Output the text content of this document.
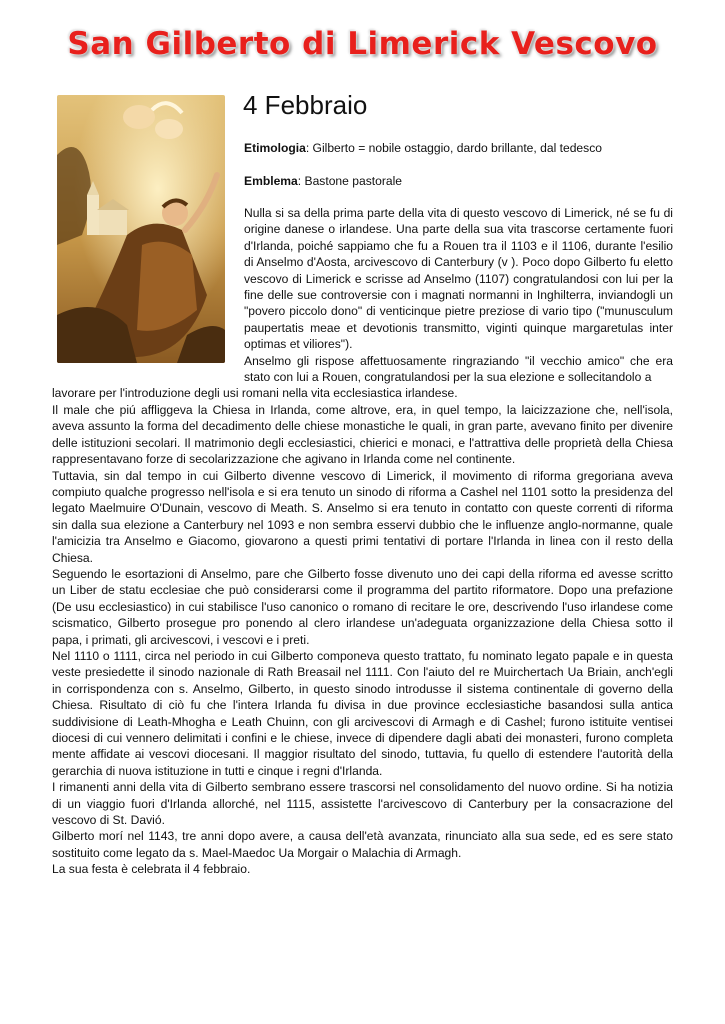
San Gilberto di Limerick Vescovo
4 Febbraio

Etimologia: Gilberto = nobile ostaggio, dardo brillante, dal tedesco

Emblema: Bastone pastorale

Nulla si sa della prima parte della vita di questo vescovo di Limerick, né se fu di origine danese o irlandese. Una parte della sua vita trascorse certamente fuori d'Irlanda, poiché sappiamo che fu a Rouen tra il 1103 e il 1106, durante l'esilio di Anselmo d'Aosta, arcivescovo di Canterbury (v ). Poco dopo Gilberto fu eletto vescovo di Limerick e scrisse ad Anselmo (1107) congratulandosi con lui per la fine delle sue controversie con i magnati normanni in Inghilterra, inviandogli un "povero piccolo dono" di venticinque pietre preziose di vario tipo ("munusculum paupertatis meae et devotionis transmitto, viginti quinque margaretulas inter optimas et viliores").

Anselmo gli rispose affettuosamente ringraziando "il vecchio amico" che era stato con lui a Rouen, congratulandosi per la sua elezione e sollecitandolo a

lavorare per l'introduzione degli usi romani nella vita ecclesiastica irlandese.

Il male che piú affliggeva la Chiesa in Irlanda, come altrove, era, in quel tempo, la laicizzazione che, nell'isola, aveva assunto la forma del decadimento delle chiese monastiche le quali, in gran parte, avevano finito per divenire delle istituzioni secolari. Il matrimonio degli ecclesiastici, chierici e monaci, e l'attrattiva delle proprietà della Chiesa rappresentavano forze di secolarizzazione che agivano in Irlanda come nel continente.

Tuttavia, sin dal tempo in cui Gilberto divenne vescovo di Limerick, il movimento di riforma gregoriana aveva compiuto qualche progresso nell'isola e si era tenuto un sinodo di riforma a Cashel nel 1101 sotto la presidenza del legato Maelmuire O'Dunain, vescovo di Meath. S. Anselmo si era tenuto in contatto con queste correnti di riforma sin dalla sua elezione a Canterbury nel 1093 e non sembra esservi dubbio che le influenze anglo-normanne, quale l'amicizia tra Anselmo e Giacomo, giovarono a questi primi tentativi di portare l'Irlanda in linea con il resto della Chiesa.

Seguendo le esortazioni di Anselmo, pare che Gilberto fosse divenuto uno dei capi della riforma ed avesse scritto un Liber de statu ecclesiae che può considerarsi come il programma del partito riformatore. Dopo una prefazione (De usu ecclesiastico) in cui stabilisce l'uso canonico o romano di recitare le ore, descrivendo l'uso irlandese come scismatico, Gilberto prosegue pro ponendo al clero irlandese un'adeguata organizzazione della Chiesa sotto il papa, i primati, gli arcivescovi, i vescovi e i preti.

Nel 1110 o 1111, circa nel periodo in cui Gilberto componeva questo trattato, fu nominato legato papale e in questa veste presiedette il sinodo nazionale di Rath Breasail nel 1111. Con l'aiuto del re Muirchertach Ua Briain, anch'egli in corrispondenza con s. Anselmo, Gilberto, in questo sinodo introdusse il sistema continentale di governo della Chiesa. Risultato di ciò fu che l'intera Irlanda fu divisa in due province ecclesiastiche basandosi sulla antica suddivisione di Leath-Mhogha e Leath Chuinn, con gli arcivescovi di Armagh e di Cashel; furono istituite ventisei diocesi di cui vennero delimitati i confini e le chiese, invece di dipendere dagli abati dei monasteri, furono completa mente affidate ai vescovi diocesani. Il maggior risultato del sinodo, tuttavia, fu quello di estendere l'autorità della gerarchia di nuova istituzione in tutti e cinque i regni d'Irlanda.

I rimanenti anni della vita di Gilberto sembrano essere trascorsi nel consolidamento del nuovo ordine. Si ha notizia di un viaggio fuori d'Irlanda allorché, nel 1115, assistette l'arcivescovo di Canterbury per la consacrazione del vescovo di St. Davió.

Gilberto morí nel 1143, tre anni dopo avere, a causa dell'età avanzata, rinunciato alla sua sede, ed es sere stato sostituito come legato da s. Mael-Maedoc Ua Morgair o Malachia di Armagh.

La sua festa è celebrata il 4 febbraio.
